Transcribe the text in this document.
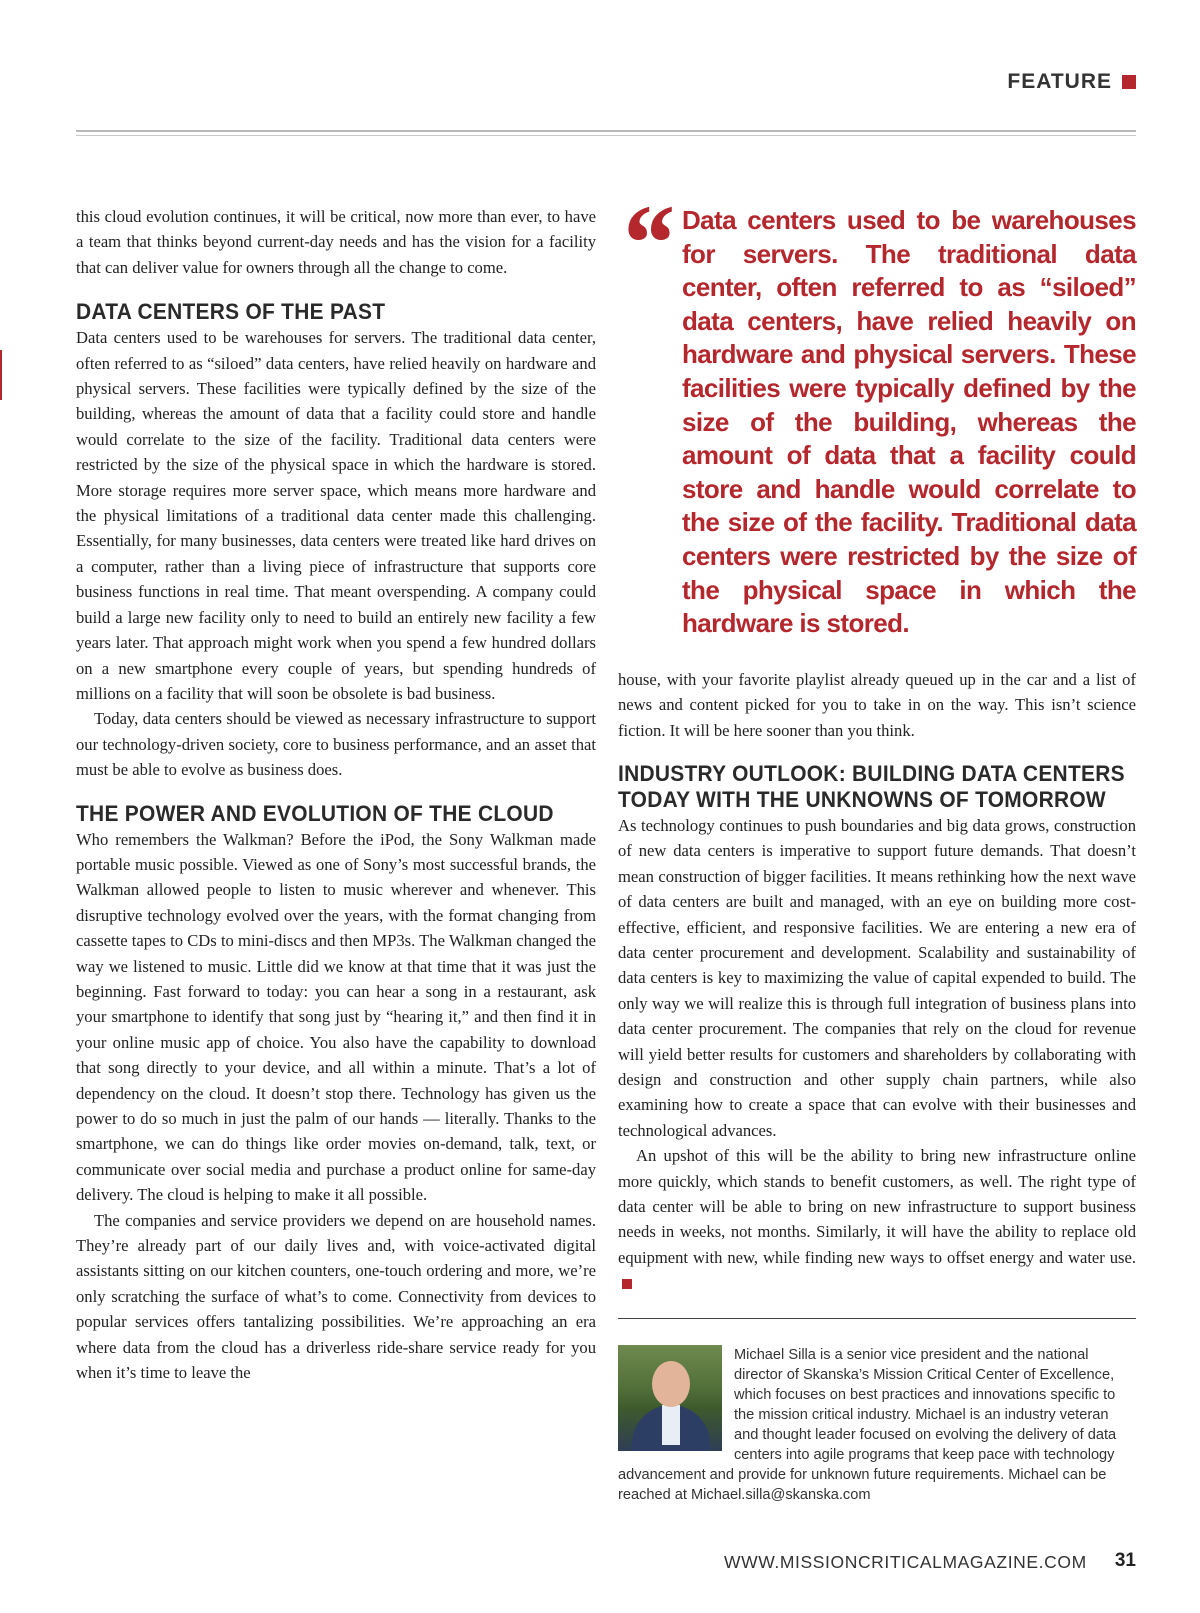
FEATURE

this cloud evolution continues, it will be critical, now more than ever, to have a team that thinks beyond current-day needs and has the vision for a facility that can deliver value for owners through all the change to come.

DATA CENTERS OF THE PAST

Data centers used to be warehouses for servers. The traditional data center, often referred to as “siloed” data centers, have relied heavily on hardware and physical servers. These facilities were typically defined by the size of the building, whereas the amount of data that a facility could store and handle would correlate to the size of the facility. Traditional data centers were restricted by the size of the physical space in which the hardware is stored. More storage requires more server space, which means more hardware and the physical limitations of a traditional data center made this challenging. Essentially, for many businesses, data centers were treated like hard drives on a computer, rather than a living piece of infrastructure that supports core business functions in real time. That meant overspending. A company could build a large new facility only to need to build an entirely new facility a few years later. That approach might work when you spend a few hundred dollars on a new smartphone every couple of years, but spending hundreds of millions on a facility that will soon be obsolete is bad business.

Today, data centers should be viewed as necessary infrastructure to support our technology-driven society, core to business performance, and an asset that must be able to evolve as business does.

THE POWER AND EVOLUTION OF THE CLOUD

Who remembers the Walkman? Before the iPod, the Sony Walkman made portable music possible. Viewed as one of Sony’s most successful brands, the Walkman allowed people to listen to music wherever and whenever. This disruptive technology evolved over the years, with the format changing from cassette tapes to CDs to mini-discs and then MP3s. The Walkman changed the way we listened to music. Little did we know at that time that it was just the beginning. Fast forward to today: you can hear a song in a restaurant, ask your smartphone to identify that song just by “hearing it,” and then find it in your online music app of choice. You also have the capability to download that song directly to your device, and all within a minute. That’s a lot of dependency on the cloud. It doesn’t stop there. Technology has given us the power to do so much in just the palm of our hands — literally. Thanks to the smartphone, we can do things like order movies on-demand, talk, text, or communicate over social media and purchase a product online for same-day delivery. The cloud is helping to make it all possible.

The companies and service providers we depend on are household names. They’re already part of our daily lives and, with voice-activated digital assistants sitting on our kitchen counters, one-touch ordering and more, we’re only scratching the surface of what’s to come. Connectivity from devices to popular services offers tantalizing possibilities. We’re approaching an era where data from the cloud has a driverless ride-share service ready for you when it’s time to leave the

“ Data centers used to be warehouses for servers. The traditional data center, often referred to as “siloed” data centers, have relied heavily on hardware and physical servers. These facilities were typically defined by the size of the building, whereas the amount of data that a facility could store and handle would correlate to the size of the facility. Traditional data centers were restricted by the size of the physical space in which the hardware is stored.

house, with your favorite playlist already queued up in the car and a list of news and content picked for you to take in on the way. This isn’t science fiction. It will be here sooner than you think.

INDUSTRY OUTLOOK: BUILDING DATA CENTERS
TODAY WITH THE UNKNOWNS OF TOMORROW

As technology continues to push boundaries and big data grows, construction of new data centers is imperative to support future demands. That doesn’t mean construction of bigger facilities. It means rethinking how the next wave of data centers are built and managed, with an eye on building more cost-effective, efficient, and responsive facilities. We are entering a new era of data center procurement and development. Scalability and sustainability of data centers is key to maximizing the value of capital expended to build. The only way we will realize this is through full integration of business plans into data center procurement. The companies that rely on the cloud for revenue will yield better results for customers and shareholders by collaborating with design and construction and other supply chain partners, while also examining how to create a space that can evolve with their businesses and technological advances.

An upshot of this will be the ability to bring new infrastructure online more quickly, which stands to benefit customers, as well. The right type of data center will be able to bring on new infrastructure to support business needs in weeks, not months. Similarly, it will have the ability to replace old equipment with new, while finding new ways to offset energy and water use.

Michael Silla is a senior vice president and the national director of Skanska’s Mission Critical Center of Excellence, which focuses on best practices and innovations specific to the mission critical industry. Michael is an industry veteran and thought leader focused on evolving the delivery of data centers into agile programs that keep pace with technology advancement and provide for unknown future requirements. Michael can be reached at Michael.silla@skanska.com
WWW.MISSIONCRITICALMAGAZINE.COM 31
